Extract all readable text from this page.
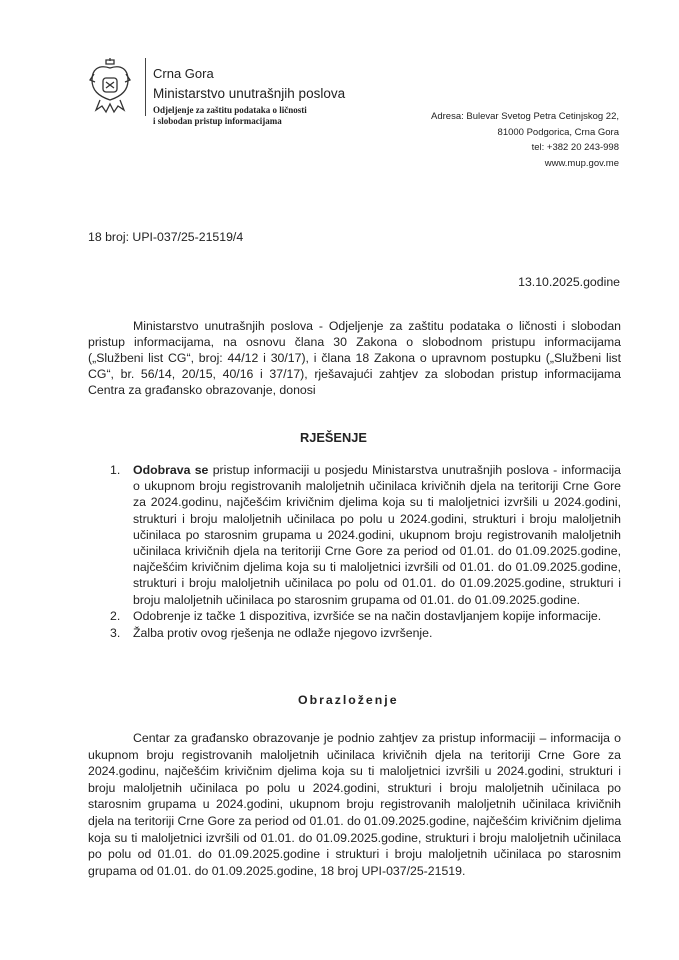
Crna Gora
Ministarstvo unutrašnjih poslova
Odjeljenje za zaštitu podataka o ličnosti
i slobodan pristup informacijama	Adresa: Bulevar Svetog Petra Cetinjskog 22,
81000 Podgorica, Crna Gora
tel: +382 20 243-998
www.mup.gov.me
18 broj: UPI-037/25-21519/4
13.10.2025.godine
Ministarstvo unutrašnjih poslova - Odjeljenje za zaštitu podataka o ličnosti i slobodan
pristup informacijama, na osnovu člana 30 Zakona o slobodnom pristupu informacijama
(„Službeni list CG“, broj: 44/12 i 30/17), i člana 18 Zakona o upravnom postupku („Službeni list
CG“, br. 56/14, 20/15, 40/16 i 37/17), rješavajući zahtjev za slobodan pristup informacijama
Centra za građansko obrazovanje, donosi
RJEŠENJE
1. Odobrava se pristup informaciji u posjedu Ministarstva unutrašnjih poslova - informacija
o ukupnom broju registrovanih maloljetnih učinilaca krivičnih djela na teritoriji Crne Gore
za 2024.godinu, najčešćim krivičnim djelima koja su ti maloljetnici izvršili u 2024.godini,
strukturi i broju maloljetnih učinilaca po polu u 2024.godini, strukturi i broju maloljetnih
učinilaca po starosnim grupama u 2024.godini, ukupnom broju registrovanih maloljetnih
učinilaca krivičnih djela na teritoriji Crne Gore za period od 01.01. do 01.09.2025.godine,
najčešćim krivičnim djelima koja su ti maloljetnici izvršili od 01.01. do 01.09.2025.godine,
strukturi i broju maloljetnih učinilaca po polu od 01.01. do 01.09.2025.godine, strukturi i
broju maloljetnih učinilaca po starosnim grupama od 01.01. do 01.09.2025.godine.
2. Odobrenje iz tačke 1 dispozitiva, izvršiće se na način dostavljanjem kopije informacije.
3. Žalba protiv ovog rješenja ne odlaže njegovo izvršenje.
Obrazloženje
Centar za građansko obrazovanje je podnio zahtjev za pristup informaciji – informacija o
ukupnom broju registrovanih maloljetnih učinilaca krivičnih djela na teritoriji Crne Gore za
2024.godinu, najčešćim krivičnim djelima koja su ti maloljetnici izvršili u 2024.godini, strukturi i
broju maloljetnih učinilaca po polu u 2024.godini, strukturi i broju maloljetnih učinilaca po
starosnim grupama u 2024.godini, ukupnom broju registrovanih maloljetnih učinilaca krivičnih
djela na teritoriji Crne Gore za period od 01.01. do 01.09.2025.godine, najčešćim krivičnim djelima
koja su ti maloljetnici izvršili od 01.01. do 01.09.2025.godine, strukturi i broju maloljetnih učinilaca
po polu od 01.01. do 01.09.2025.godine i strukturi i broju maloljetnih učinilaca po starosnim
grupama od 01.01. do 01.09.2025.godine, 18 broj UPI-037/25-21519.
